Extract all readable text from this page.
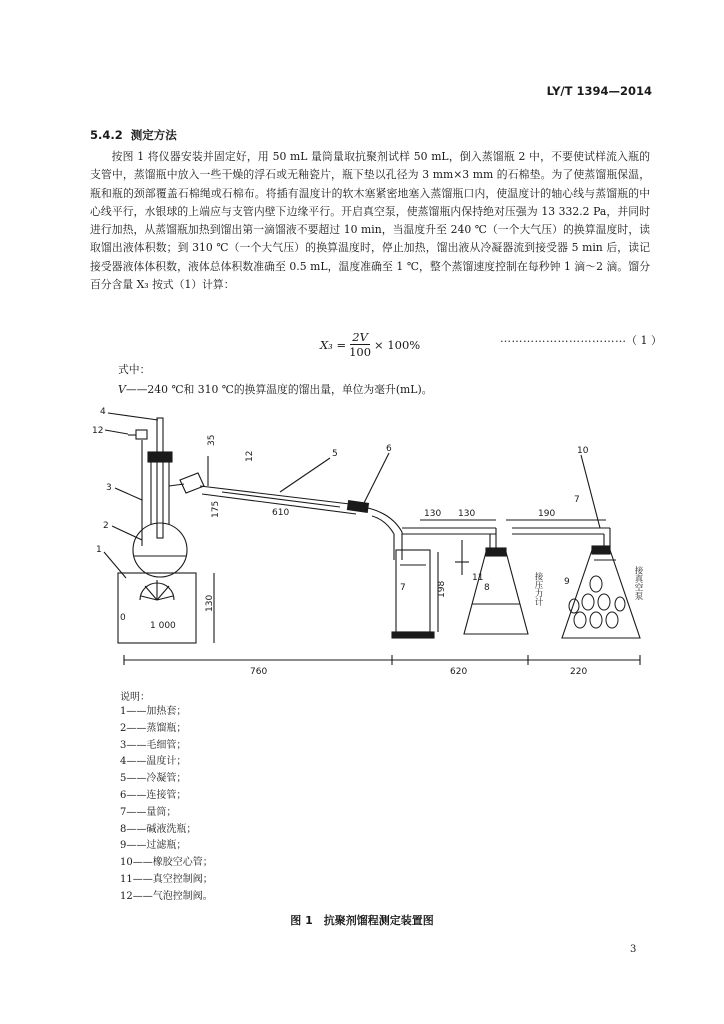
LY/T 1394—2014
5.4.2 测定方法

按图 1 将仪器安装并固定好，用 50 mL 量筒量取抗聚剂试样 50 mL，倒入蒸馏瓶 2 中，不要使试样流入瓶的支管中，蒸馏瓶中放入一些干燥的浮石或无釉瓷片，瓶下垫以孔径为 3 mm×3 mm 的石棉垫。为了使蒸馏瓶保温，瓶和瓶的颈部覆盖石棉绳或石棉布。将插有温度计的软木塞紧密地塞入蒸馏瓶口内，使温度计的轴心线与蒸馏瓶的中心线平行，水银球的上端应与支管内壁下边缘平行。开启真空泵，使蒸馏瓶内保持绝对压强为 13 332.2 Pa，并同时进行加热，从蒸馏瓶加热到馏出第一滴馏液不要超过 10 min，当温度升至 240 ℃（一个大气压）的换算温度时，读取馏出液体积数；到 310 ℃（一个大气压）的换算温度时，停止加热，馏出液从冷凝器流到接受器 5 min 后，读记接受器液体体积数，液体总体积数准确至 0.5 mL，温度准确至 1 ℃，整个蒸馏速度控制在每秒钟 1 滴～2 滴。馏分百分含量 X₃ 按式（1）计算：

$X_3 = \frac{2V}{100} \times 100\%$	…………………………… （ 1 ）
式中：
V——240 ℃和 310 ℃的换算温度的馏出量，单位为毫升(mL)。
4
12
3
2
1
5	6
7
11
8
9
10
7
760	620	220
610	130 130	190
0
1 000
198
130
175
12
35
接压力计	接真空泵
说明：
1——加热套；
2——蒸馏瓶；
3——毛细管；
4——温度计；
5——冷凝管；
6——连接管；
7——量筒；
8——碱液洗瓶；
9——过滤瓶；
10——橡胶空心管；
11——真空控制阀；
12——气泡控制阀。
图 1　抗聚剂馏程测定装置图
3
